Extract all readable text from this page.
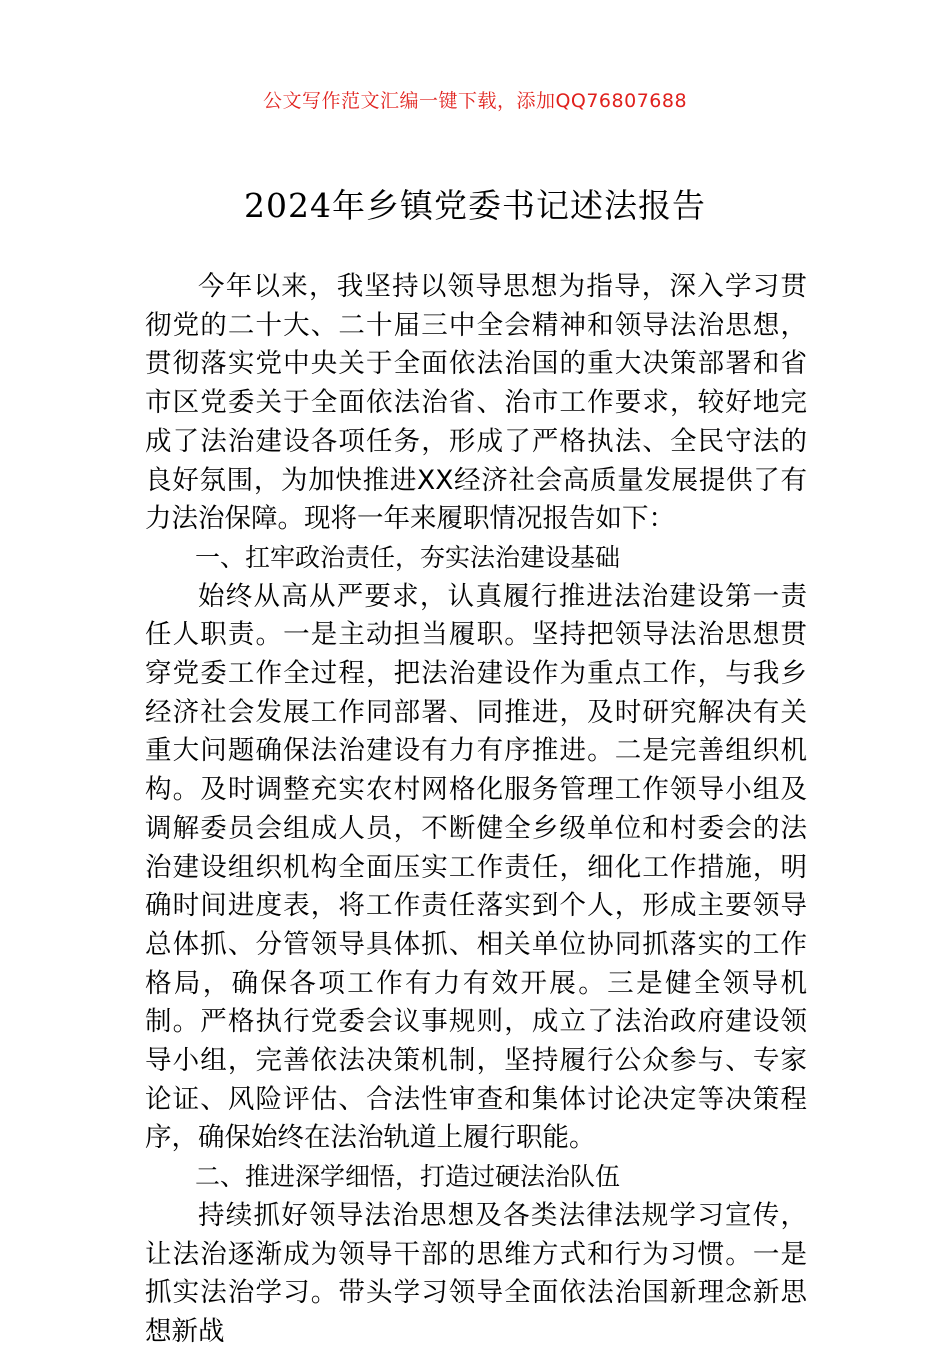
公文写作范文汇编一键下载，添加QQ76807688
2024年乡镇党委书记述法报告

今年以来，我坚持以领导思想为指导，深入学习贯彻党的二十大、二十届三中全会精神和领导法治思想，贯彻落实党中央关于全面依法治国的重大决策部署和省市区党委关于全面依法治省、治市工作要求，较好地完成了法治建设各项任务，形成了严格执法、全民守法的良好氛围，为加快推进XX经济社会高质量发展提供了有力法治保障。现将一年来履职情况报告如下：

一、扛牢政治责任，夯实法治建设基础

始终从高从严要求，认真履行推进法治建设第一责任人职责。一是主动担当履职。坚持把领导法治思想贯穿党委工作全过程，把法治建设作为重点工作，与我乡经济社会发展工作同部署、同推进，及时研究解决有关重大问题确保法治建设有力有序推进。二是完善组织机构。及时调整充实农村网格化服务管理工作领导小组及调解委员会组成人员，不断健全乡级单位和村委会的法治建设组织机构全面压实工作责任，细化工作措施，明确时间进度表，将工作责任落实到个人，形成主要领导总体抓、分管领导具体抓、相关单位协同抓落实的工作格局，确保各项工作有力有效开展。三是健全领导机制。严格执行党委会议事规则，成立了法治政府建设领导小组，完善依法决策机制，坚持履行公众参与、专家论证、风险评估、合法性审查和集体讨论决定等决策程序，确保始终在法治轨道上履行职能。

二、推进深学细悟，打造过硬法治队伍

持续抓好领导法治思想及各类法律法规学习宣传，让法治逐渐成为领导干部的思维方式和行为习惯。一是抓实法治学习。带头学习领导全面依法治国新理念新思想新战
